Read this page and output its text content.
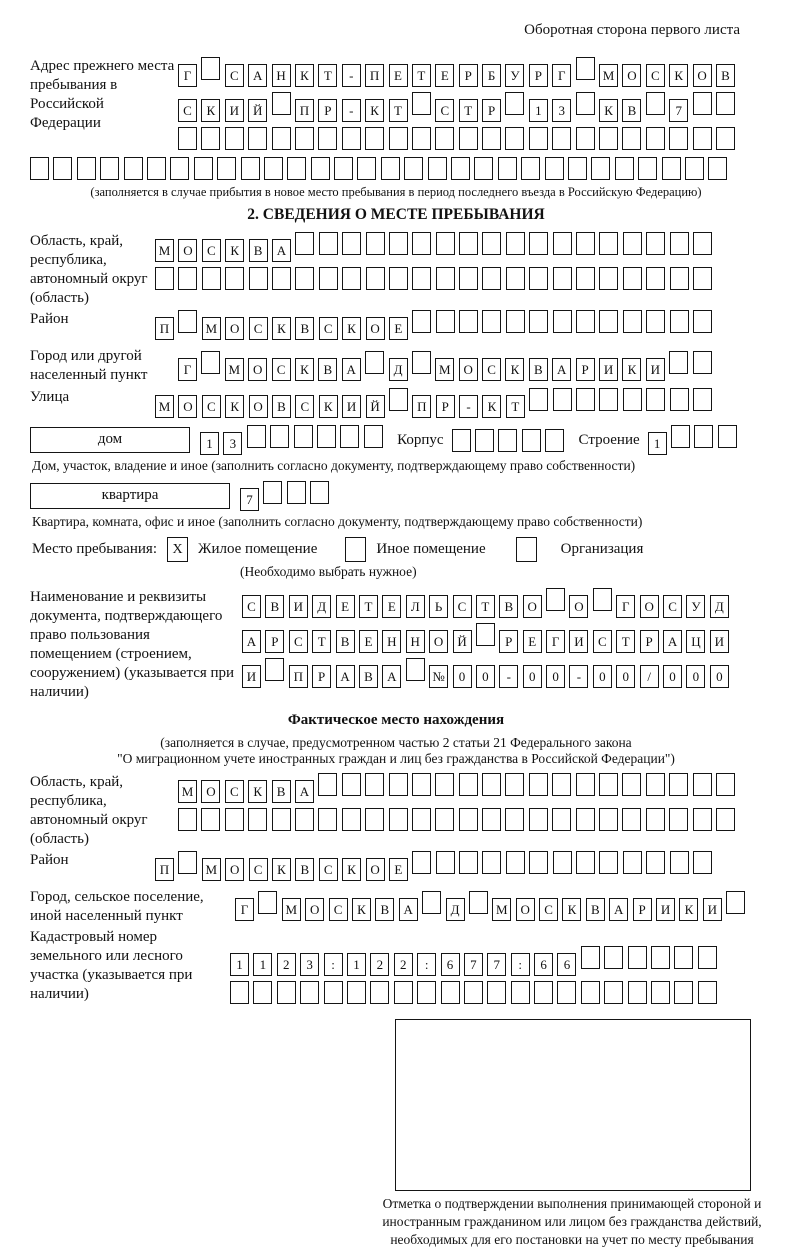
Оборотная сторона первого листа
Адрес прежнего места пребывания в Российской Федерации
Г	С А Н К Т - П Е Т Е Р Б У Р Г	М О С К О В
С К И Й	П Р - К Т	С Т Р	1 3	К В	7
(заполняется в случае прибытия в новое место пребывания в период последнего въезда в Российскую Федерацию)
2. СВЕДЕНИЯ О МЕСТЕ ПРЕБЫВАНИЯ
Область, край, республика, автономный округ (область)
М О С К В А
Район
П	М О С К В С К О Е
Город или другой населенный пункт	Г	М О С К В А	Д	М О С К В А Р И К И
Улица
М О С К О В С К И Й	П Р - К Т
дом	1 3	Корпус	Строение	1
Дом, участок, владение и иное (заполнить согласно документу, подтверждающему право собственности)
квартира	7
Квартира, комната, офис и иное (заполнить согласно документу, подтверждающему право собственности)
Место пребывания:	X	Жилое помещение	Иное помещение	Организация
(Необходимо выбрать нужное)
Наименование и реквизиты документа, подтверждающего право пользования помещением (строением, сооружением) (указывается при наличии)
С В И Д Е Т Е Л Ь С Т В О	О	Г О С У Д
А Р С Т В Е Н Н О Й	Р Е Г И С Т Р А Ц И
И	П Р А В А	№ 0 0 - 0 0 - 0 0 / 0 0 0
Фактическое место нахождения
(заполняется в случае, предусмотренном частью 2 статьи 21 Федерального закона
"О миграционном учете иностранных граждан и лиц без гражданства в Российской Федерации")
Область, край, республика, автономный округ (область)
М О С К В А
Район
П	М О С К В С К О Е
Город, сельское поселение, иной населенный пункт	Г	М О С К В А	Д	М О С К В А Р И К И
Кадастровый номер земельного или лесного участка (указывается при наличии)
1 1 2 3 : 1 2 2 : 6 7 7 : 6 6
Отметка о подтверждении выполнения принимающей стороной и иностранным гражданином или лицом без гражданства действий, необходимых для его постановки на учет по месту пребывания
